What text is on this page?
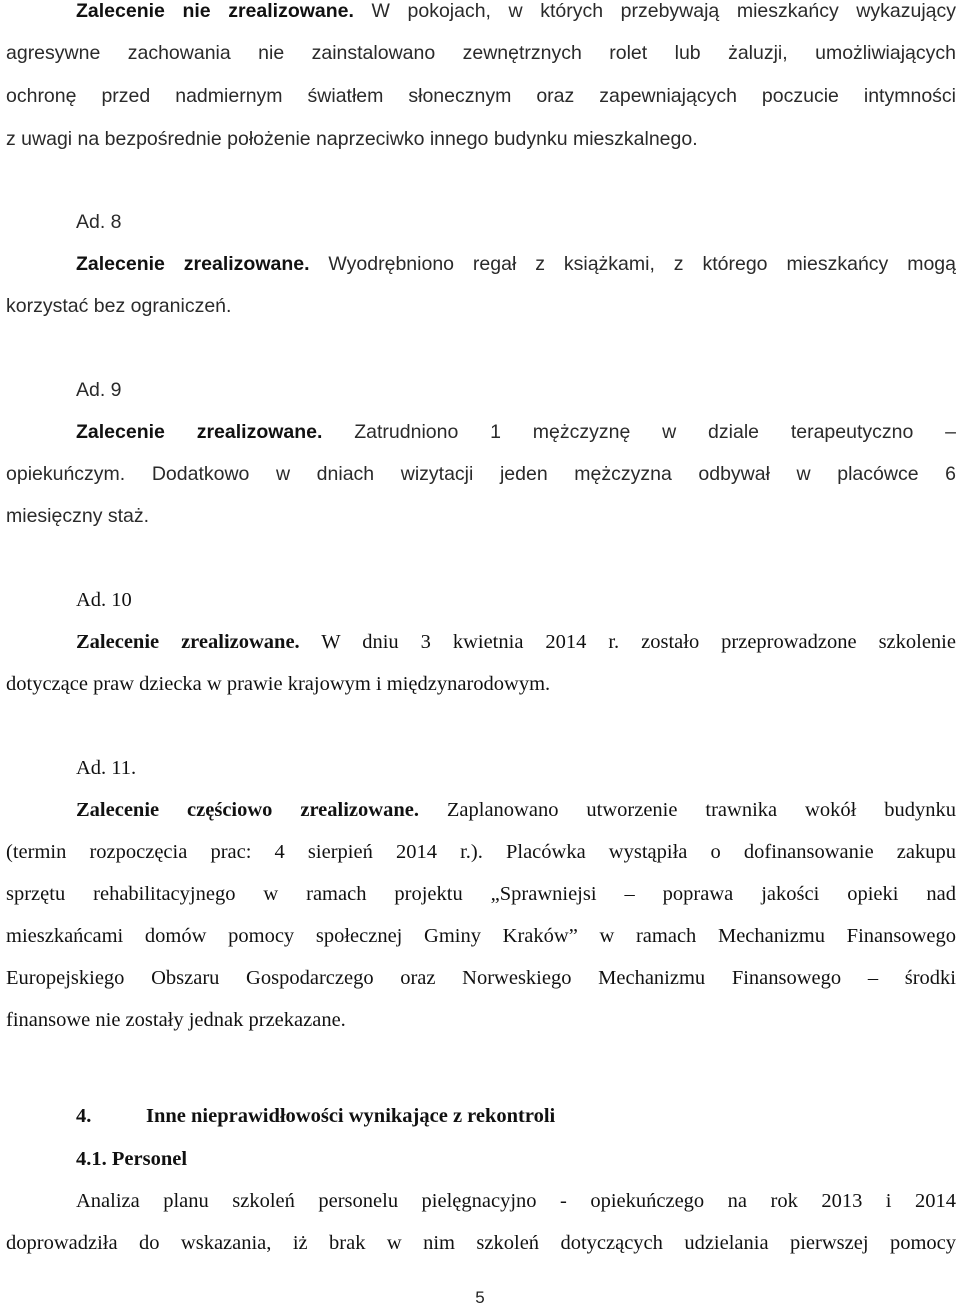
Zalecenie nie zrealizowane. W pokojach, w których przebywają mieszkańcy wykazujący
agresywne zachowania nie zainstalowano zewnętrznych rolet lub żaluzji, umożliwiających
ochronę przed nadmiernym światłem słonecznym oraz zapewniających poczucie intymności
z uwagi na bezpośrednie położenie naprzeciwko innego budynku mieszkalnego.
Ad. 8
Zalecenie zrealizowane. Wyodrębniono regał z książkami, z którego mieszkańcy mogą
korzystać bez ograniczeń.
Ad. 9
Zalecenie zrealizowane. Zatrudniono 1 mężczyznę w dziale terapeutyczno –
opiekuńczym. Dodatkowo w dniach wizytacji jeden mężczyzna odbywał w placówce 6
miesięczny staż.
Ad. 10
Zalecenie zrealizowane. W dniu 3 kwietnia 2014 r. zostało przeprowadzone szkolenie
dotyczące praw dziecka w prawie krajowym i międzynarodowym.
Ad. 11.
Zalecenie częściowo zrealizowane. Zaplanowano utworzenie trawnika wokół budynku
(termin rozpoczęcia prac: 4 sierpień 2014 r.). Placówka wystąpiła o dofinansowanie zakupu
sprzętu rehabilitacyjnego w ramach projektu „Sprawniejsi – poprawa jakości opieki nad
mieszkańcami domów pomocy społecznej Gminy Kraków” w ramach Mechanizmu Finansowego
Europejskiego Obszaru Gospodarczego oraz Norweskiego Mechanizmu Finansowego – środki
finansowe nie zostały jednak przekazane.
4.	Inne nieprawidłowości wynikające z rekontroli
4.1. Personel
Analiza planu szkoleń personelu pielęgnacyjno - opiekuńczego na rok 2013 i 2014
doprowadziła do wskazania, iż brak w nim szkoleń dotyczących udzielania pierwszej pomocy
5
